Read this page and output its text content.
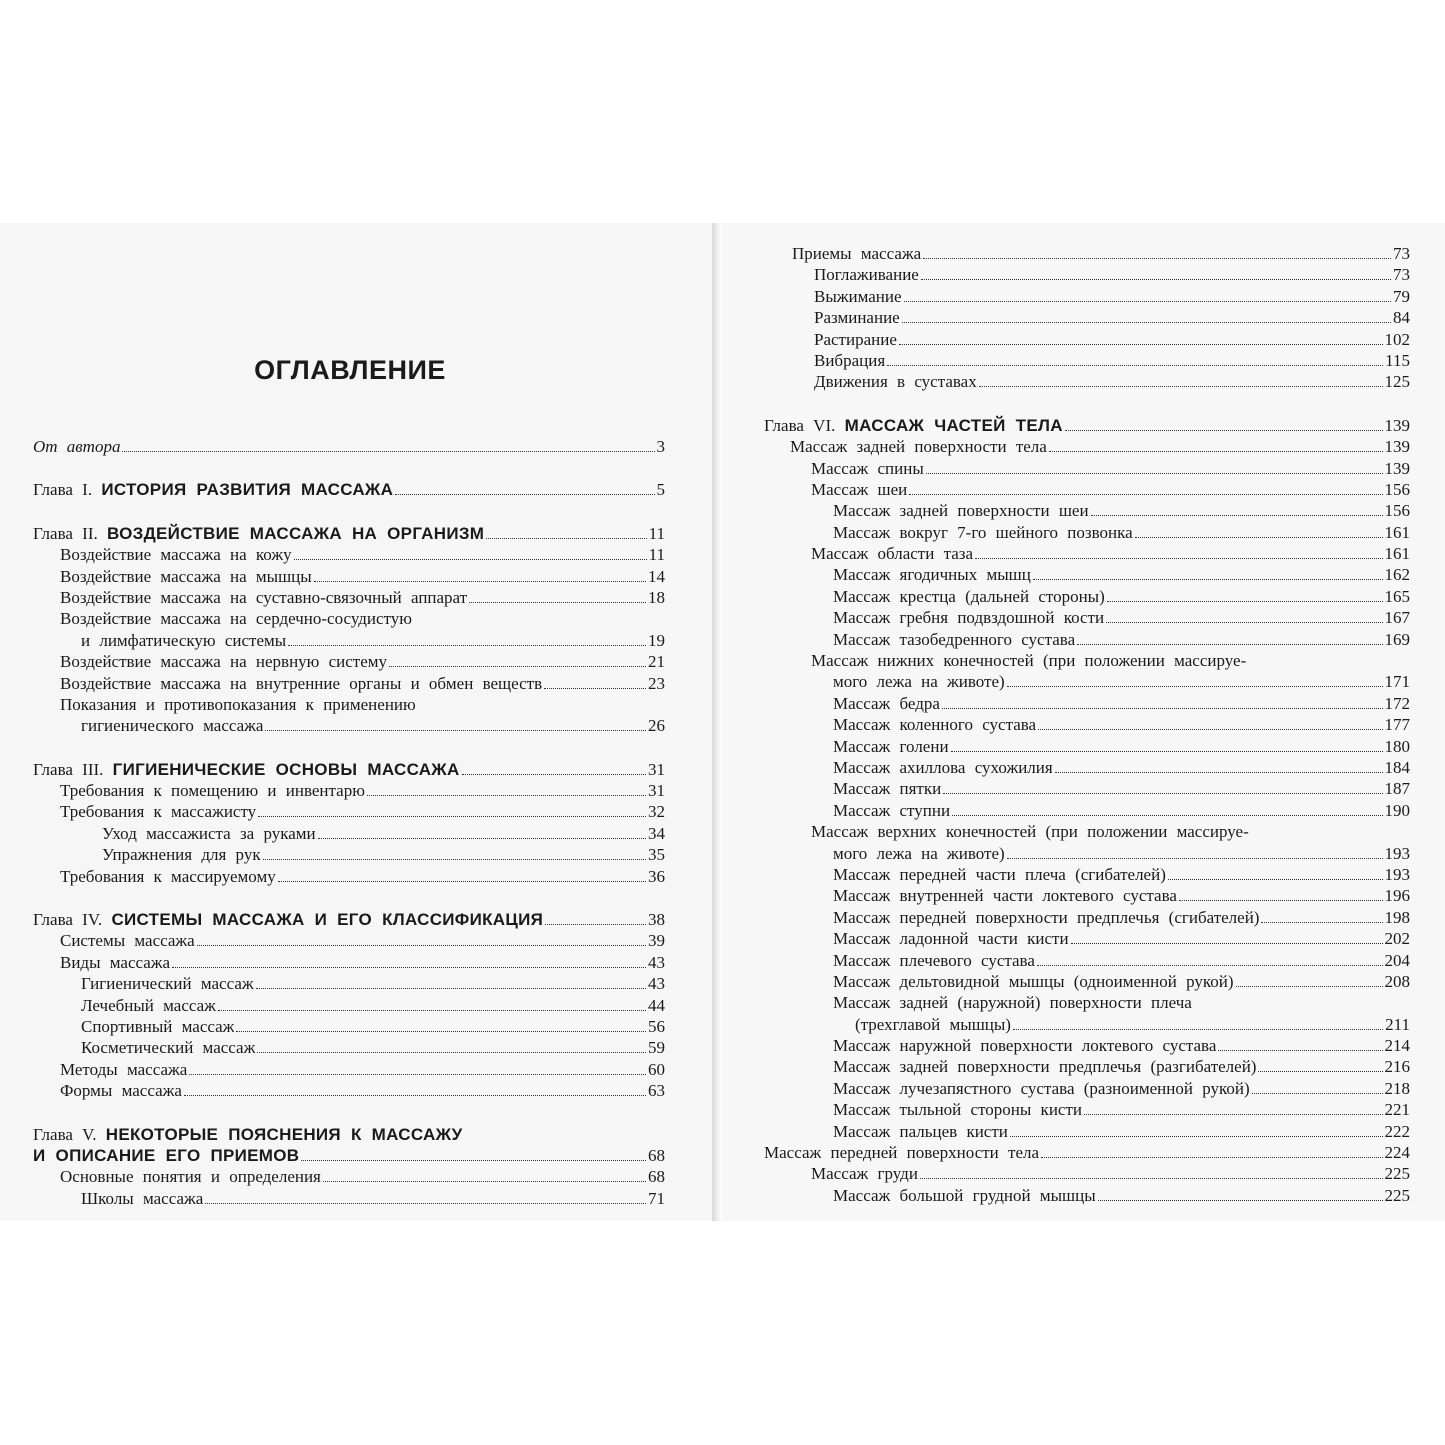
ОГЛАВЛЕНИЕ
От автора	3
Глава I. ИСТОРИЯ РАЗВИТИЯ МАССАЖА	5
Глава II. ВОЗДЕЙСТВИЕ МАССАЖА НА ОРГАНИЗМ	11
Воздействие массажа на кожу	11
Воздействие массажа на мышцы	14
Воздействие массажа на суставно-связочный аппарат	18
Воздействие массажа на сердечно-сосудистую
и лимфатическую системы	19
Воздействие массажа на нервную систему	21
Воздействие массажа на внутренние органы и обмен веществ	23
Показания и противопоказания к применению
гигиенического массажа	26
Глава III. ГИГИЕНИЧЕСКИЕ ОСНОВЫ МАССАЖА	31
Требования к помещению и инвентарю	31
Требования к массажисту	32
Уход массажиста за руками	34
Упражнения для рук	35
Требования к массируемому	36
Глава IV. СИСТЕМЫ МАССАЖА И ЕГО КЛАССИФИКАЦИЯ	38
Системы массажа	39
Виды массажа	43
Гигиенический массаж	43
Лечебный массаж	44
Спортивный массаж	56
Косметический массаж	59
Методы массажа	60
Формы массажа	63
Глава V. НЕКОТОРЫЕ ПОЯСНЕНИЯ К МАССАЖУ
И ОПИСАНИЕ ЕГО ПРИЕМОВ	68
Основные понятия и определения	68
Школы массажа	71
Приемы массажа	73
Поглаживание	73
Выжимание	79
Разминание	84
Растирание	102
Вибрация	115
Движения в суставах	125
Глава VI. МАССАЖ ЧАСТЕЙ ТЕЛА	139
Массаж задней поверхности тела	139
Массаж спины	139
Массаж шеи	156
Массаж задней поверхности шеи	156
Массаж вокруг 7-го шейного позвонка	161
Массаж области таза	161
Массаж ягодичных мышц	162
Массаж крестца (дальней стороны)	165
Массаж гребня подвздошной кости	167
Массаж тазобедренного сустава	169
Массаж нижних конечностей (при положении массируе-
мого лежа на животе)	171
Массаж бедра	172
Массаж коленного сустава	177
Массаж голени	180
Массаж ахиллова сухожилия	184
Массаж пятки	187
Массаж ступни	190
Массаж верхних конечностей (при положении массируе-
мого лежа на животе)	193
Массаж передней части плеча (сгибателей)	193
Массаж внутренней части локтевого сустава	196
Массаж передней поверхности предплечья (сгибателей)	198
Массаж ладонной части кисти	202
Массаж плечевого сустава	204
Массаж дельтовидной мышцы (одноименной рукой)	208
Массаж задней (наружной) поверхности плеча
(трехглавой мышцы)	211
Массаж наружной поверхности локтевого сустава	214
Массаж задней поверхности предплечья (разгибателей)	216
Массаж лучезапястного сустава (разноименной рукой)	218
Массаж тыльной стороны кисти	221
Массаж пальцев кисти	222
Массаж передней поверхности тела	224
Массаж груди	225
Массаж большой грудной мышцы	225
